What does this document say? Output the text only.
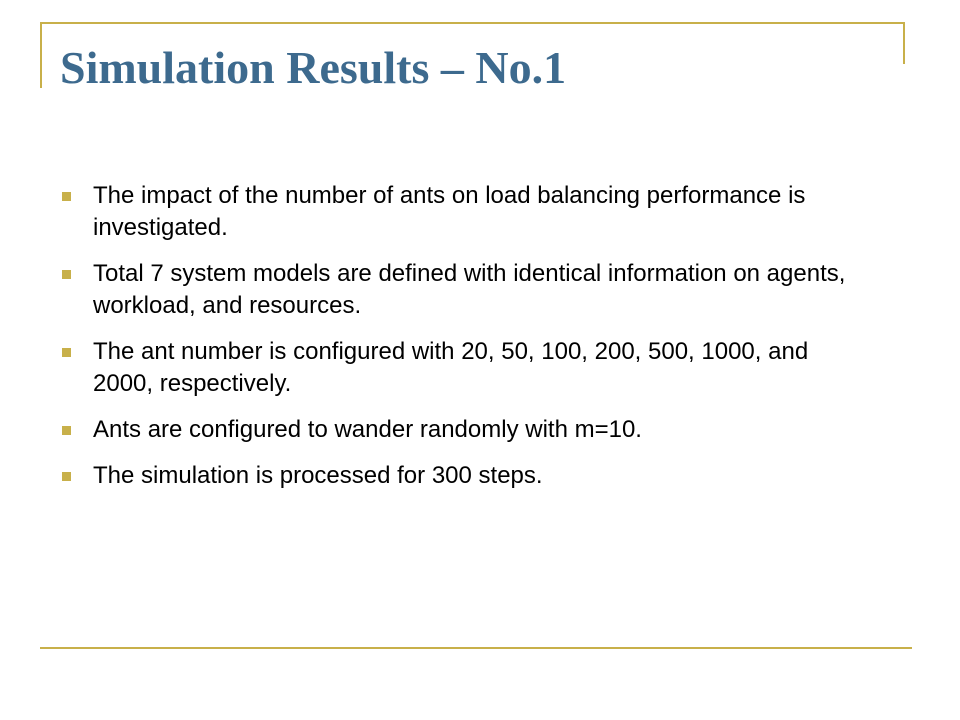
Simulation Results – No.1
The impact of the number of ants on load balancing performance is investigated.
Total 7 system models are defined with identical information on agents, workload, and resources.
The ant number is configured with 20, 50, 100, 200, 500, 1000, and 2000, respectively.
Ants are configured to wander randomly with m=10.
The simulation is processed for 300 steps.
